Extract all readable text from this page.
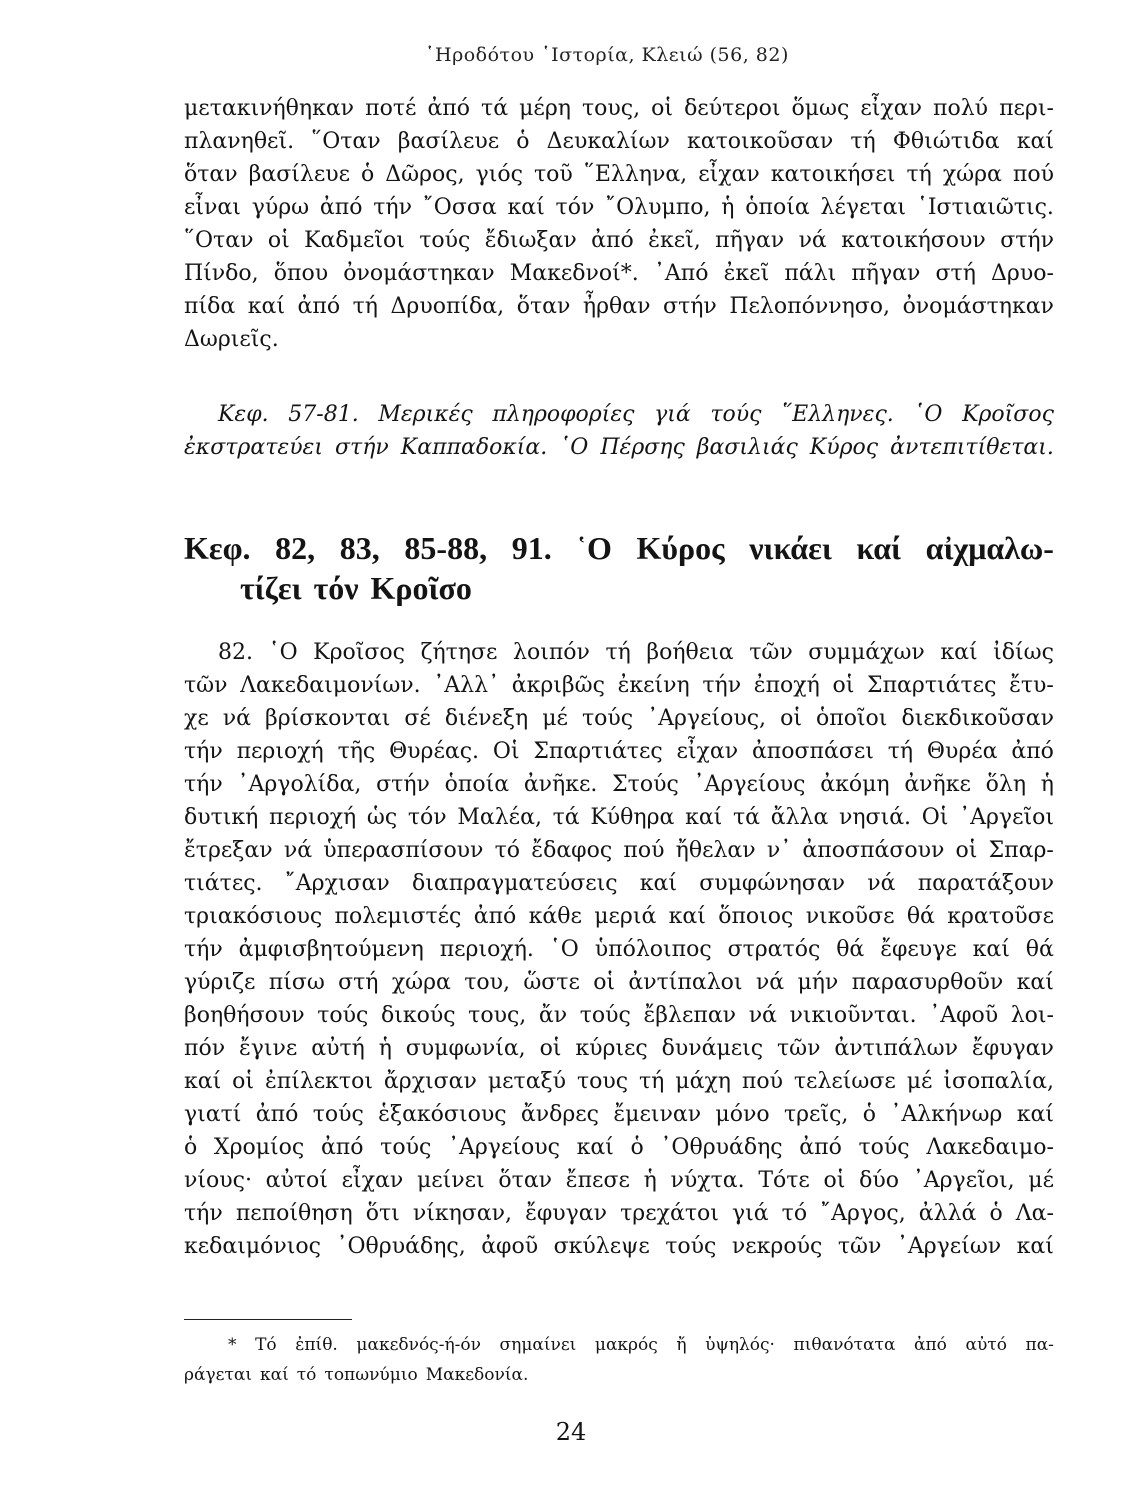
῾Ηροδότου ῾Ιστορία, Κλειώ (56, 82)
μετακινήθηκαν ποτέ ἀπό τά μέρη τους, οἱ δεύτεροι ὅμως εἶχαν πολύ περι-
πλανηθεῖ. ῞Οταν βασίλευε ὁ Δευκαλίων κατοικοῦσαν τή Φθιώτιδα καί
ὅταν βασίλευε ὁ Δῶρος, γιός τοῦ ῞Ελληνα, εἶχαν κατοικήσει τή χώρα πού
εἶναι γύρω ἀπό τήν ῎Οσσα καί τόν ῎Ολυμπο, ἡ ὁποία λέγεται ῾Ιστιαιῶτις.
῞Οταν οἱ Καδμεῖοι τούς ἔδιωξαν ἀπό ἐκεῖ, πῆγαν νά κατοικήσουν στήν
Πίνδο, ὅπου ὀνομάστηκαν Μακεδνοί*. ᾿Από ἐκεῖ πάλι πῆγαν στή Δρυο-
πίδα καί ἀπό τή Δρυοπίδα, ὅταν ἦρθαν στήν Πελοπόννησο, ὀνομάστηκαν
Δωριεῖς.
Κεφ. 57-81. Μερικές πληροφορίες γιά τούς ῞Ελληνες. ῾Ο Κροῖσος
ἐκστρατεύει στήν Καππαδοκία. ῾Ο Πέρσης βασιλιάς Κύρος ἀντεπιτίθεται.
Κεφ. 82, 83, 85-88, 91. ῾Ο Κύρος νικάει καί αἰχμαλω-
τίζει τόν Κροῖσο
82. ῾Ο Κροῖσος ζήτησε λοιπόν τή βοήθεια τῶν συμμάχων καί ἰδίως
τῶν Λακεδαιμονίων. ᾿Αλλ᾿ ἀκριβῶς ἐκείνη τήν ἐποχή οἱ Σπαρτιάτες ἔτυ-
χε νά βρίσκονται σέ διένεξη μέ τούς ᾿Αργείους, οἱ ὁποῖοι διεκδικοῦσαν
τήν περιοχή τῆς Θυρέας. Οἱ Σπαρτιάτες εἶχαν ἀποσπάσει τή Θυρέα ἀπό
τήν ᾿Αργολίδα, στήν ὁποία ἀνῆκε. Στούς ᾿Αργείους ἀκόμη ἀνῆκε ὅλη ἡ
δυτική περιοχή ὡς τόν Μαλέα, τά Κύθηρα καί τά ἄλλα νησιά. Οἱ ᾿Αργεῖοι
ἔτρεξαν νά ὑπερασπίσουν τό ἔδαφος πού ἤθελαν ν᾿ ἀποσπάσουν οἱ Σπαρ-
τιάτες. ῎Αρχισαν διαπραγματεύσεις καί συμφώνησαν νά παρατάξουν
τριακόσιους πολεμιστές ἀπό κάθε μεριά καί ὅποιος νικοῦσε θά κρατοῦσε
τήν ἀμφισβητούμενη περιοχή. ῾Ο ὑπόλοιπος στρατός θά ἔφευγε καί θά
γύριζε πίσω στή χώρα του, ὥστε οἱ ἀντίπαλοι νά μήν παρασυρθοῦν καί
βοηθήσουν τούς δικούς τους, ἄν τούς ἔβλεπαν νά νικιοῦνται. ᾿Αφοῦ λοι-
πόν ἔγινε αὐτή ἡ συμφωνία, οἱ κύριες δυνάμεις τῶν ἀντιπάλων ἔφυγαν
καί οἱ ἐπίλεκτοι ἄρχισαν μεταξύ τους τή μάχη πού τελείωσε μέ ἰσοπαλία,
γιατί ἀπό τούς ἑξακόσιους ἄνδρες ἔμειναν μόνο τρεῖς, ὁ ᾿Αλκήνωρ καί
ὁ Χρομίος ἀπό τούς ᾿Αργείους καί ὁ ᾿Οθρυάδης ἀπό τούς Λακεδαιμο-
νίους· αὐτοί εἶχαν μείνει ὅταν ἔπεσε ἡ νύχτα. Τότε οἱ δύο ᾿Αργεῖοι, μέ
τήν πεποίθηση ὅτι νίκησαν, ἔφυγαν τρεχάτοι γιά τό ῎Αργος, ἀλλά ὁ Λα-
κεδαιμόνιος ᾿Οθρυάδης, ἀφοῦ σκύλεψε τούς νεκρούς τῶν ᾿Αργείων καί
* Τό ἐπίθ. μακεδνός-ή-όν σημαίνει μακρός ἤ ὑψηλός· πιθανότατα ἀπό αὐτό πα-
ράγεται καί τό τοπωνύμιο Μακεδονία.
24
